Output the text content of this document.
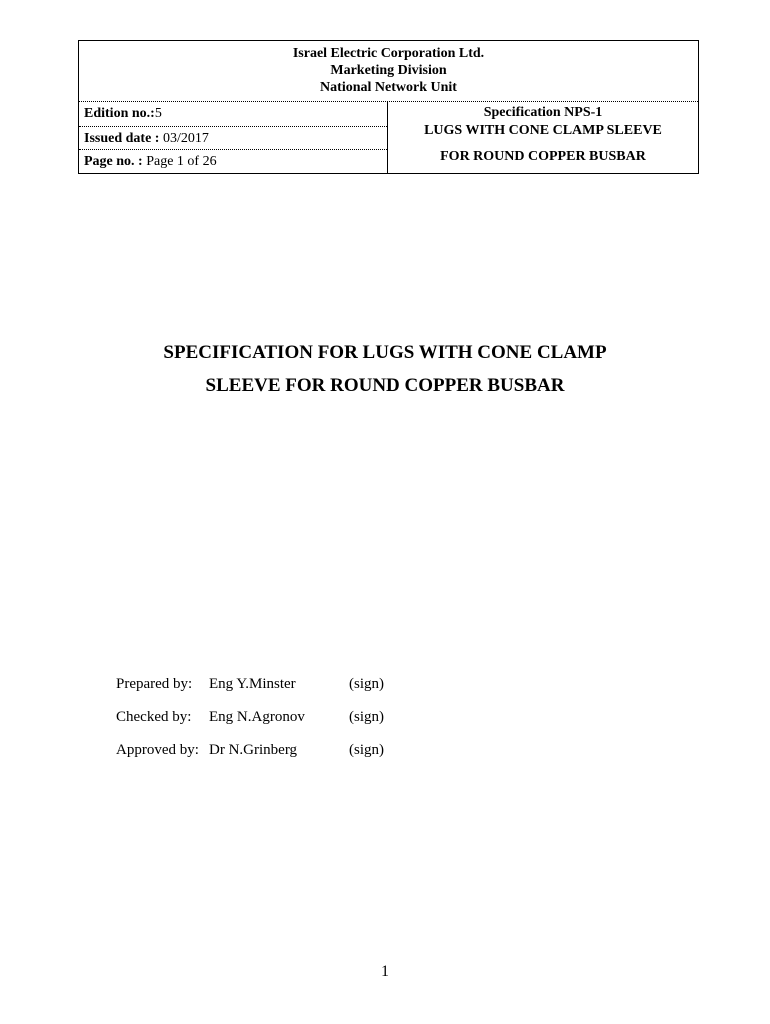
Israel Electric Corporation Ltd.
Marketing Division
National Network Unit
Edition no.:5
Issued date : 03/2017
Page no. : Page 1 of 26
Specification NPS-1
LUGS WITH CONE CLAMP SLEEVE
FOR ROUND COPPER BUSBAR
SPECIFICATION FOR LUGS WITH CONE CLAMP
SLEEVE FOR ROUND COPPER BUSBAR
Prepared by: Eng Y.Minster	(sign)
Checked by: Eng N.Agronov	(sign)
Approved by: Dr N.Grinberg	(sign)
1
